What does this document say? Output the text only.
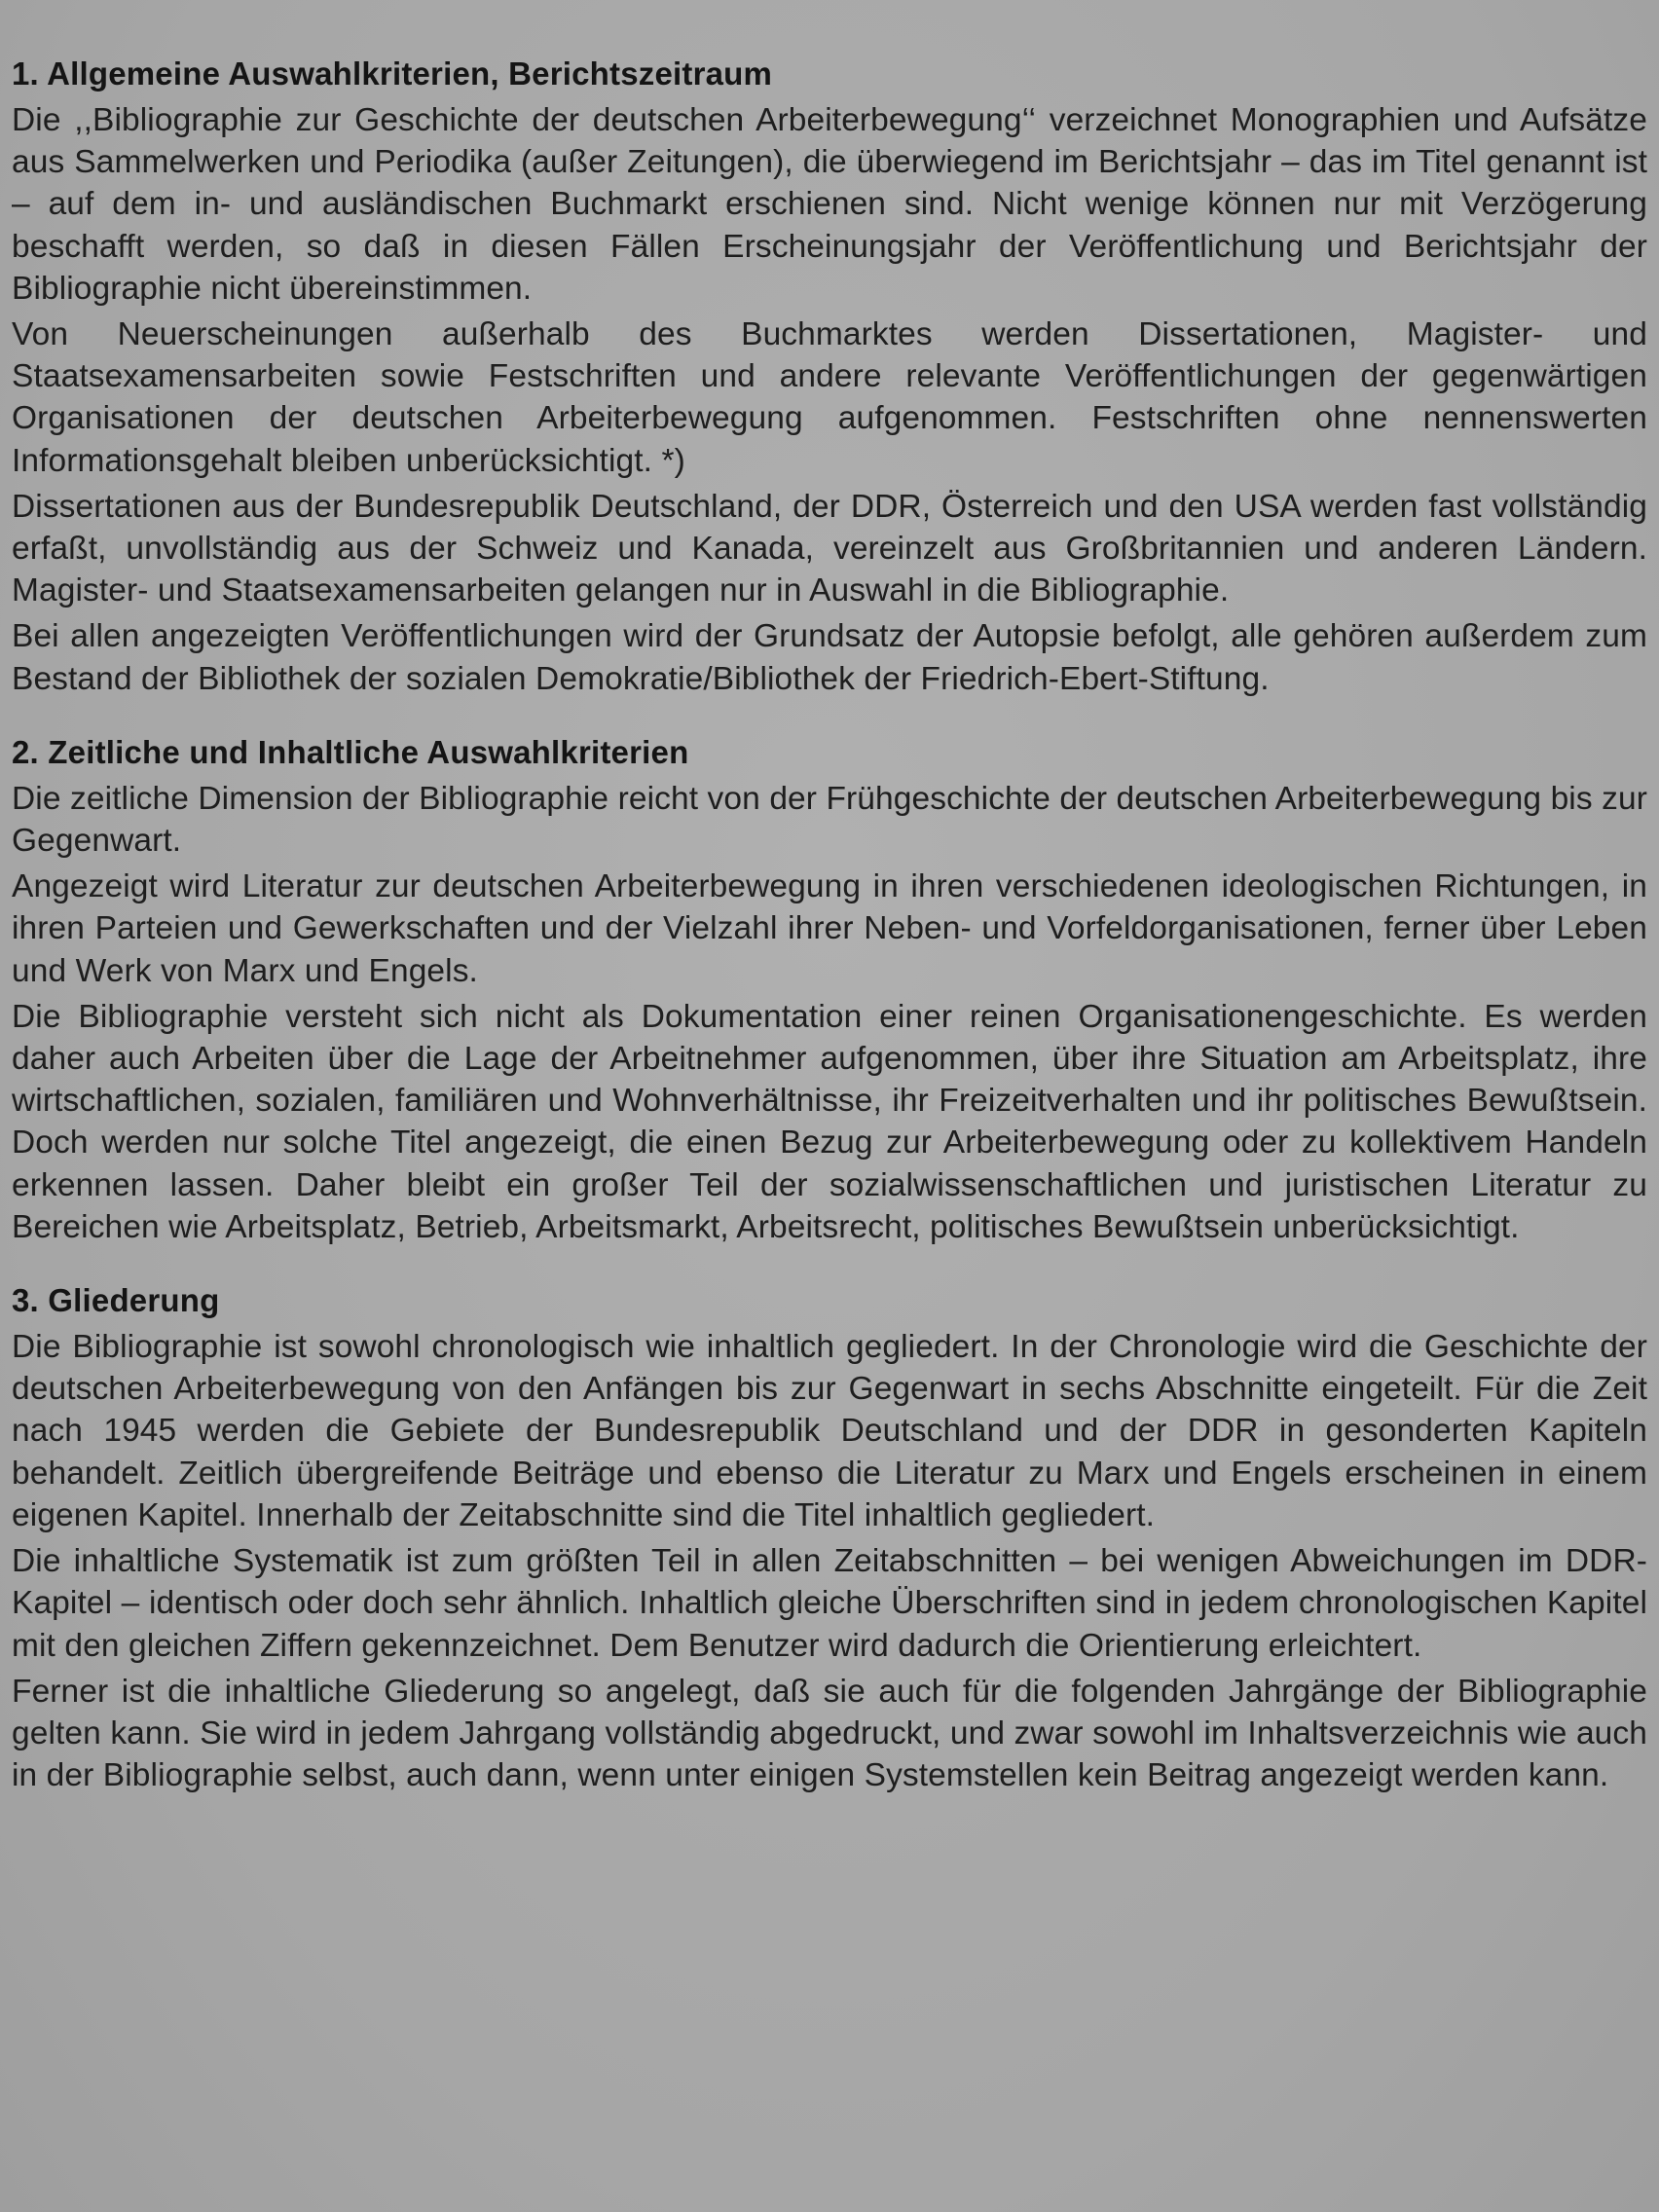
1. Allgemeine Auswahlkriterien, Berichtszeitraum

Die ,,Bibliographie zur Geschichte der deutschen Arbeiterbewegung‘‘ verzeichnet Monographien und Aufsätze aus Sammelwerken und Periodika (außer Zeitungen), die überwiegend im Berichtsjahr – das im Titel genannt ist – auf dem in- und ausländischen Buchmarkt erschienen sind. Nicht wenige können nur mit Verzögerung beschafft werden, so daß in diesen Fällen Erscheinungsjahr der Veröffentlichung und Berichtsjahr der Bibliographie nicht übereinstimmen.

Von Neuerscheinungen außerhalb des Buchmarktes werden Dissertationen, Magister- und Staatsexamensarbeiten sowie Festschriften und andere relevante Veröffentlichungen der gegenwärtigen Organisationen der deutschen Arbeiterbewegung aufgenommen. Festschriften ohne nennenswerten Informationsgehalt bleiben unberücksichtigt. *)

Dissertationen aus der Bundesrepublik Deutschland, der DDR, Österreich und den USA werden fast vollständig erfaßt, unvollständig aus der Schweiz und Kanada, vereinzelt aus Großbritannien und anderen Ländern. Magister- und Staatsexamensarbeiten gelangen nur in Auswahl in die Bibliographie.

Bei allen angezeigten Veröffentlichungen wird der Grundsatz der Autopsie befolgt, alle gehören außerdem zum Bestand der Bibliothek der sozialen Demokratie/Bibliothek der Friedrich-Ebert-Stiftung.

2. Zeitliche und Inhaltliche Auswahlkriterien

Die zeitliche Dimension der Bibliographie reicht von der Frühgeschichte der deutschen Arbeiterbewegung bis zur Gegenwart.

Angezeigt wird Literatur zur deutschen Arbeiterbewegung in ihren verschiedenen ideologischen Richtungen, in ihren Parteien und Gewerkschaften und der Vielzahl ihrer Neben- und Vorfeldorganisationen, ferner über Leben und Werk von Marx und Engels.

Die Bibliographie versteht sich nicht als Dokumentation einer reinen Organisationengeschichte. Es werden daher auch Arbeiten über die Lage der Arbeitnehmer aufgenommen, über ihre Situation am Arbeitsplatz, ihre wirtschaftlichen, sozialen, familiären und Wohnverhältnisse, ihr Freizeitverhalten und ihr politisches Bewußtsein. Doch werden nur solche Titel angezeigt, die einen Bezug zur Arbeiterbewegung oder zu kollektivem Handeln erkennen lassen. Daher bleibt ein großer Teil der sozialwissenschaftlichen und juristischen Literatur zu Bereichen wie Arbeitsplatz, Betrieb, Arbeitsmarkt, Arbeitsrecht, politisches Bewußtsein unberücksichtigt.

3. Gliederung

Die Bibliographie ist sowohl chronologisch wie inhaltlich gegliedert. In der Chronologie wird die Geschichte der deutschen Arbeiterbewegung von den Anfängen bis zur Gegenwart in sechs Abschnitte eingeteilt. Für die Zeit nach 1945 werden die Gebiete der Bundesrepublik Deutschland und der DDR in gesonderten Kapiteln behandelt. Zeitlich übergreifende Beiträge und ebenso die Literatur zu Marx und Engels erscheinen in einem eigenen Kapitel. Innerhalb der Zeitabschnitte sind die Titel inhaltlich gegliedert.

Die inhaltliche Systematik ist zum größten Teil in allen Zeitabschnitten – bei wenigen Abweichungen im DDR-Kapitel – identisch oder doch sehr ähnlich. Inhaltlich gleiche Überschriften sind in jedem chronologischen Kapitel mit den gleichen Ziffern gekennzeichnet. Dem Benutzer wird dadurch die Orientierung erleichtert.

Ferner ist die inhaltliche Gliederung so angelegt, daß sie auch für die folgenden Jahrgänge der Bibliographie gelten kann. Sie wird in jedem Jahrgang vollständig abgedruckt, und zwar sowohl im Inhaltsverzeichnis wie auch in der Bibliographie selbst, auch dann, wenn unter einigen Systemstellen kein Beitrag angezeigt werden kann.
